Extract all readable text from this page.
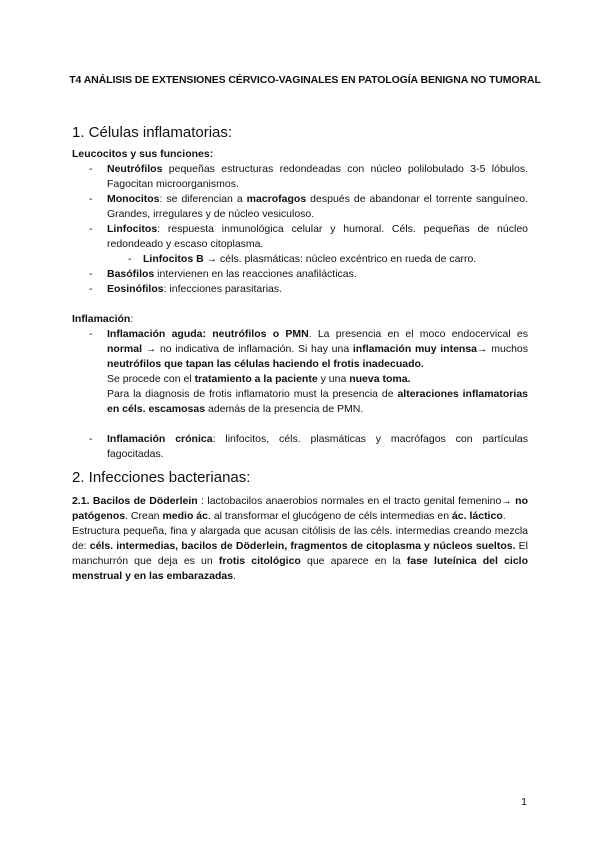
T4 ANÁLISIS DE EXTENSIONES CÉRVICO-VAGINALES EN PATOLOGÍA BENIGNA NO TUMORAL
1. Células inflamatorias:
Leucocitos y sus funciones:
- Neutrófilos pequeñas estructuras redondeadas con núcleo polilobulado 3-5 lóbulos. Fagocitan microorganismos.
- Monocitos: se diferencian a macrofagos después de abandonar el torrente sanguíneo. Grandes, irregulares y de núcleo vesiculoso.
- Linfocitos: respuesta inmunológica celular y humoral. Céls. pequeñas de núcleo redondeado y escaso citoplasma.
- Linfocitos B → céls. plasmáticas: núcleo excéntrico en rueda de carro.
- Basófilos intervienen en las reacciones anafilácticas.
- Eosinófilos: infecciones parasitarias.
Inflamación:
- Inflamación aguda: neutrófilos o PMN. La presencia en el moco endocervical es normal → no indicativa de inflamación. Si hay una inflamación muy intensa→ muchos neutrófilos que tapan las células haciendo el frotis inadecuado.
Se procede con el tratamiento a la paciente y una nueva toma.
Para la diagnosis de frotis inflamatorio must la presencia de alteraciones inflamatorias en céls. escamosas además de la presencia de PMN.
- Inflamación crónica: linfocitos, céls. plasmáticas y macrófagos con partículas fagocitadas.
2. Infecciones bacterianas:

2.1. Bacilos de Döderlein : lactobacilos anaerobios normales en el tracto genital femenino→ no patógenos. Crean medio ác. al transformar el glucógeno de céls intermedias en ác. láctico.

Estructura pequeña, fina y alargada que acusan citólisis de las céls. intermedias creando mezcla de: céls. intermedias, bacilos de Döderlein, fragmentos de citoplasma y núcleos sueltos. El manchurrón que deja es un frotis citológico que aparece en la fase luteínica del ciclo menstrual y en las embarazadas.

1
